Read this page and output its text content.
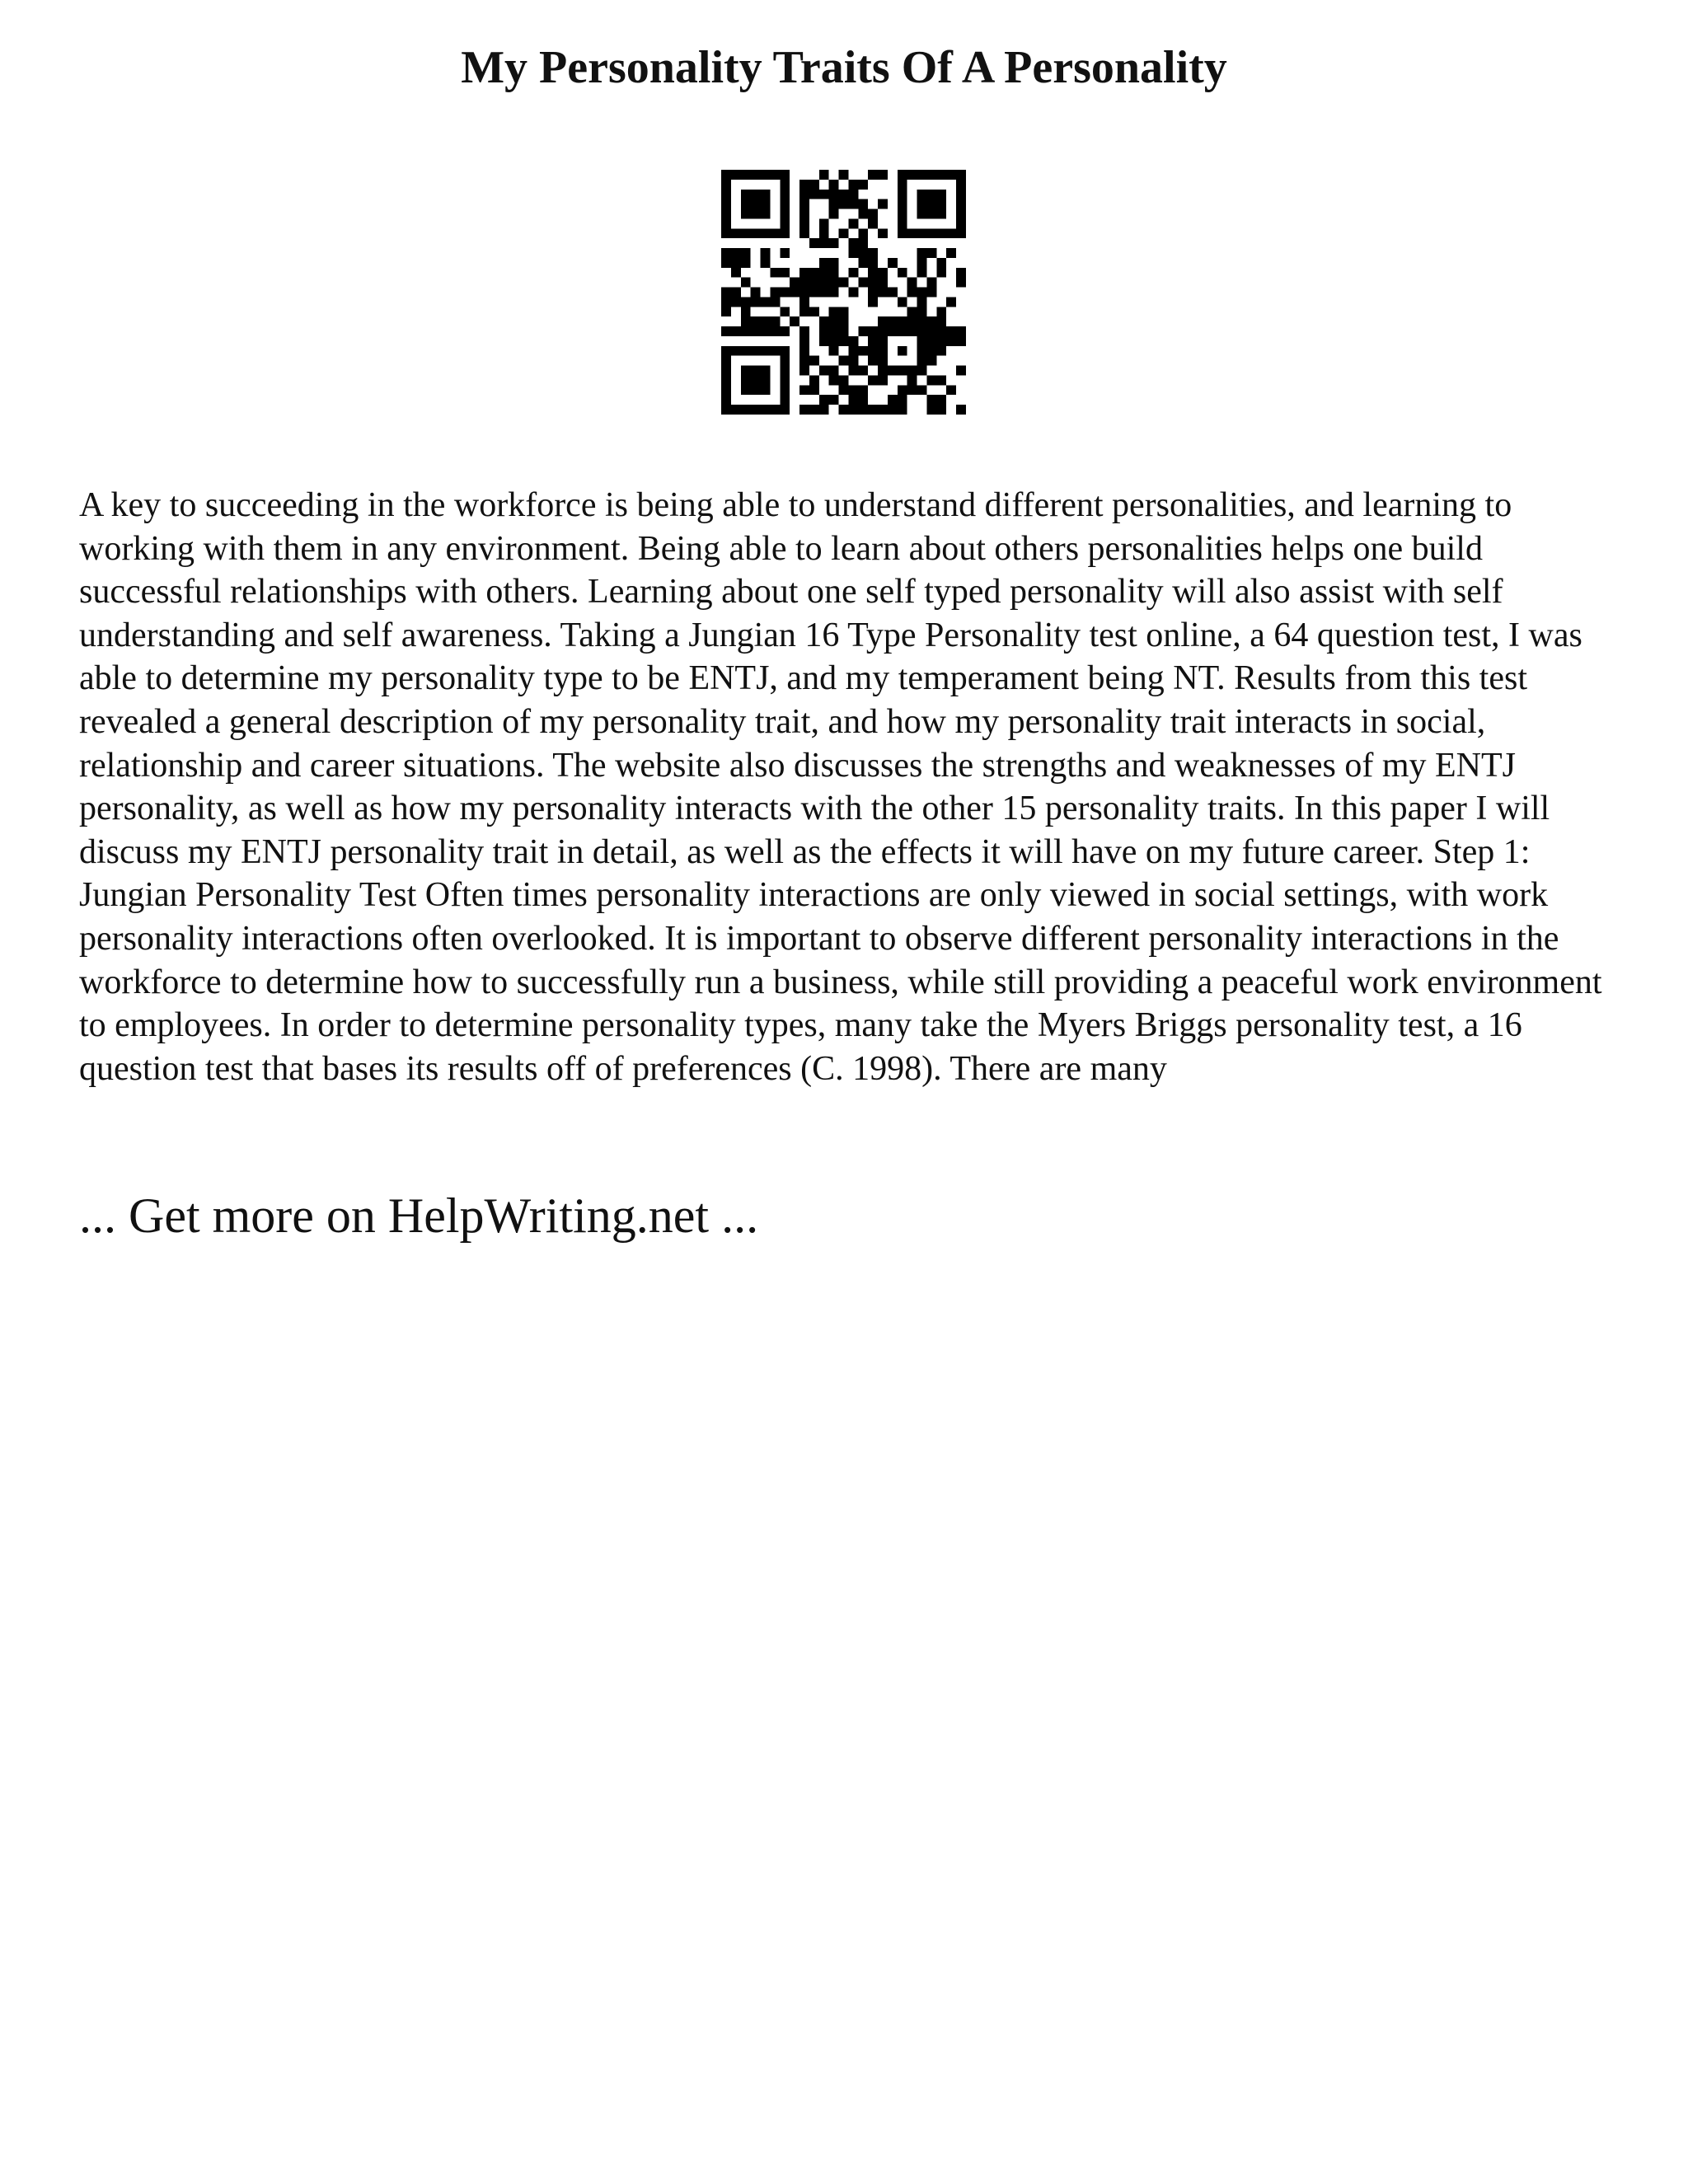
My Personality Traits Of A Personality

A key to succeeding in the workforce is being able to understand different personalities, and learning to working with them in any environment. Being able to learn about others personalities helps one build successful relationships with others. Learning about one self typed personality will also assist with self understanding and self awareness. Taking a Jungian 16 Type Personality test online, a 64 question test, I was able to determine my personality type to be ENTJ, and my temperament being NT. Results from this test revealed a general description of my personality trait, and how my personality trait interacts in social, relationship and career situations. The website also discusses the strengths and weaknesses of my ENTJ personality, as well as how my personality interacts with the other 15 personality traits. In this paper I will discuss my ENTJ personality trait in detail, as well as the effects it will have on my future career. Step 1: Jungian Personality Test Often times personality interactions are only viewed in social settings, with work personality interactions often overlooked. It is important to observe different personality interactions in the workforce to determine how to successfully run a business, while still providing a peaceful work environment to employees. In order to determine personality types, many take the Myers Briggs personality test, a 16 question test that bases its results off of preferences (C. 1998). There are many

... Get more on HelpWriting.net ...
